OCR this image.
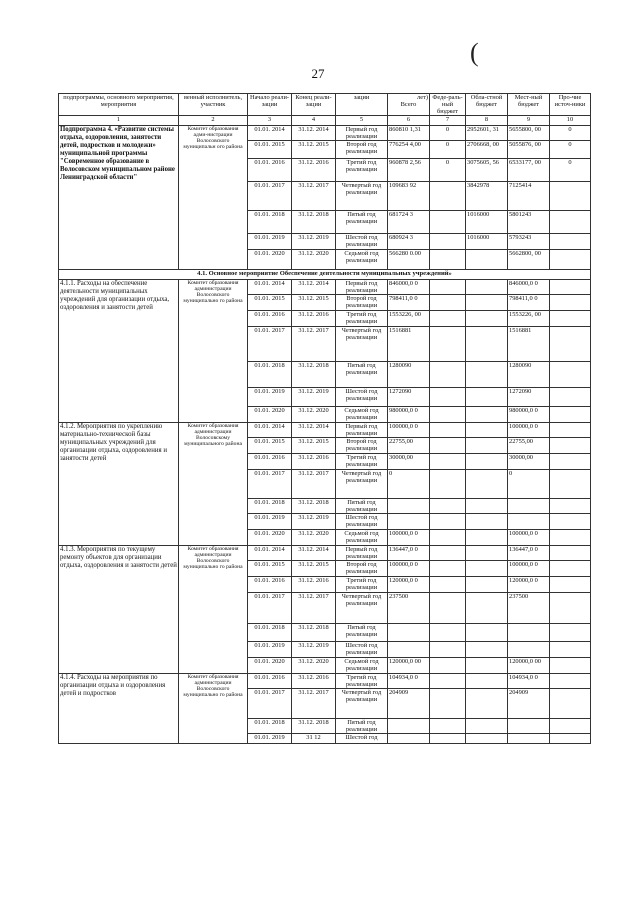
(
27
подпрограммы, основного мероприятия, мероприятия	венный исполнитель, участник	Начало реали-зации	Конец реали-зации	зации	лет)
Всего	Феде-раль-ный бюджет	Обла-стной бюджет	Мест-ный бюджет	Про-чие источ-ники
1	2	3	4	5	6	7	8	9	10
Подпрограмма 4. «Развитие системы отдыха, оздоровления, занятости детей, подростков и молодежи» муниципальной программы "Современное образование в Волосовском муниципальном районе Ленинградской области"	Комитет образования адми-нистрации Волосовского муниципальн ого района	01.01. 2014	31.12. 2014	Первый год реализации	860810 1,31	0	2952601, 31	5655800, 00	0
		01.01. 2015	31.12. 2015	Второй год реализации	776254 4,00	0	2706668, 00	5055876, 00	0
		01.01. 2016	31.12. 2016	Третий год реализации	960878 2,56	0	3075605, 56	6533177, 00	0
		01.01. 2017	31.12. 2017	Четвертый год реализации	109683 92		3842978	7125414	
		01.01. 2018	31.12. 2018	Пятый год реализации	681724 3		1016000	5801243	
		01.01. 2019	31.12. 2019	Шестой год реализации	680924 3		1016000	5793243	
		01.01. 2020	31.12. 2020	Седьмой год реализации	566280 0.00			5662800, 00	
4.1. Основное мероприятие Обеспечение деятельности муниципальных учреждений»									
4.1.1. Расходы на обеспечение деятельности муниципальных учреждений для организации отдыха, оздоровления и занятости детей	Комитет образования администрации Волосовского муниципально го района	01.01. 2014	31.12. 2014	Первый год реализации	846000,0 0			846000,0 0	
		01.01. 2015	31.12. 2015	Второй год реализации	798411,0 0			798411,0 0	
		01.01. 2016	31.12. 2016	Третий год реализации	1553226, 00			1553226, 00	
		01.01. 2017	31.12. 2017	Четвертый год реализации	1516881			1516881	
		01.01. 2018	31.12. 2018	Пятый год реализации	1280090			1280090	
		01.01. 2019	31.12. 2019	Шестой год реализации	1272090			1272090	
		01.01. 2020	31.12. 2020	Седьмой год реализации	980000,0 0			980000,0 0	
4.1.2. Мероприятия по укреплению материально-технической базы муниципальных учреждений для организации отдыха, оздоровления и занятости детей	Комитет образования администрации Волосовскому муниципального района	01.01. 2014	31.12. 2014	Первый год реализации	100000,0 0			100000,0 0	
		01.01. 2015	31.12. 2015	Второй год реализации	22755,00			22755,00	
		01.01. 2016	31.12. 2016	Третий год реализации	30000,00			30000,00	
		01.01. 2017	31.12. 2017	Четвертый год реализации	0			0	
		01.01. 2018	31.12. 2018	Пятый год реализации					
		01.01. 2019	31.12. 2019	Шестой год реализации					
		01.01. 2020	31.12. 2020	Седьмой год реализации	100000,0 0			100000,0 0	
4.1.3. Мероприятия по текущему ремонту объектов для организации отдыха, оздоровления и занятости детей	Комитет образования администрации Волосовского муниципально го района	01.01. 2014	31.12. 2014	Первый год реализации	136447,0 0			136447,0 0	
		01.01. 2015	31.12. 2015	Второй год реализации	100000,0 0			100000,0 0	
		01.01. 2016	31.12. 2016	Третий год реализации	120000,0 0			120000,0 0	
		01.01. 2017	31.12. 2017	Четвертый год реализации	237500			237500	
		01.01. 2018	31.12. 2018	Пятый год реализации					
		01.01. 2019	31.12. 2019	Шестой год реализации					
		01.01. 2020	31.12. 2020	Седьмой год реализации	120000,0 00			120000,0 00	
4.1.4. Расходы на мероприятия по организации отдыха и оздоровления детей и подростков	Комитет образования администрации Волосовского муниципально го района	01.01. 2016	31.12. 2016	Третий год реализации	104934,0 0			104934,0 0	
		01.01. 2017	31.12. 2017	Четвертый год реализации	204909			204909	
		01.01. 2018	31.12. 2018	Пятый год реализации					
		01.01. 2019	31 12	Шестой год					
